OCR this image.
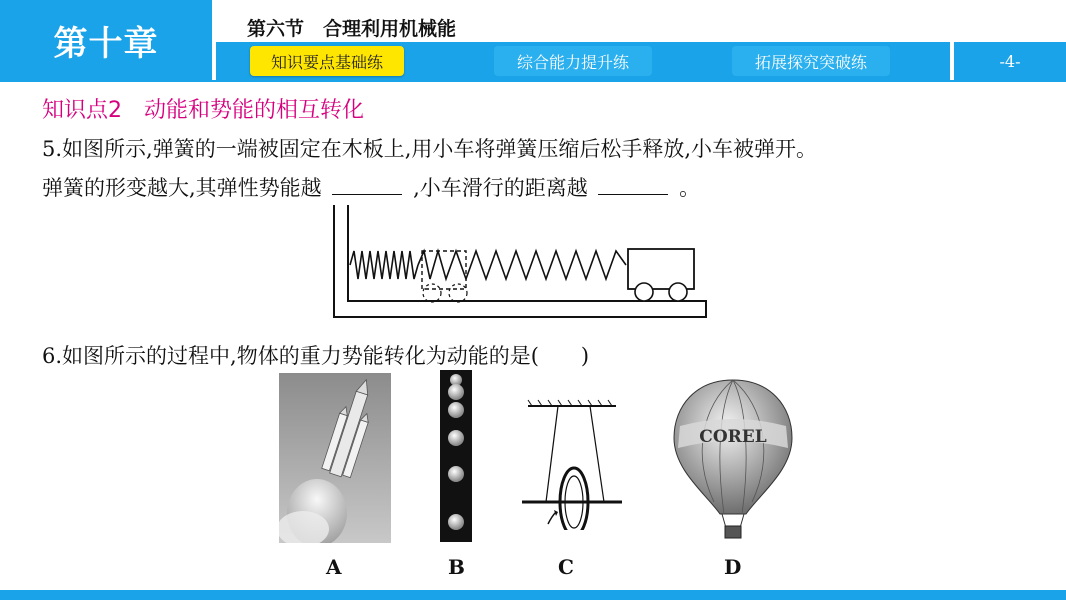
第十章	第六节　合理利用机械能
知识要点基础练	综合能力提升练	拓展探究突破练	-4-
知识点2　动能和势能的相互转化
5.如图所示,弹簧的一端被固定在木板上,用小车将弹簧压缩后松手释放,小车被弹开。
弹簧的形变越大,其弹性势能越	,小车滑行的距离越	。
6.如图所示的过程中,物体的重力势能转化为动能的是(　　)
A	B	C
COREL
D
